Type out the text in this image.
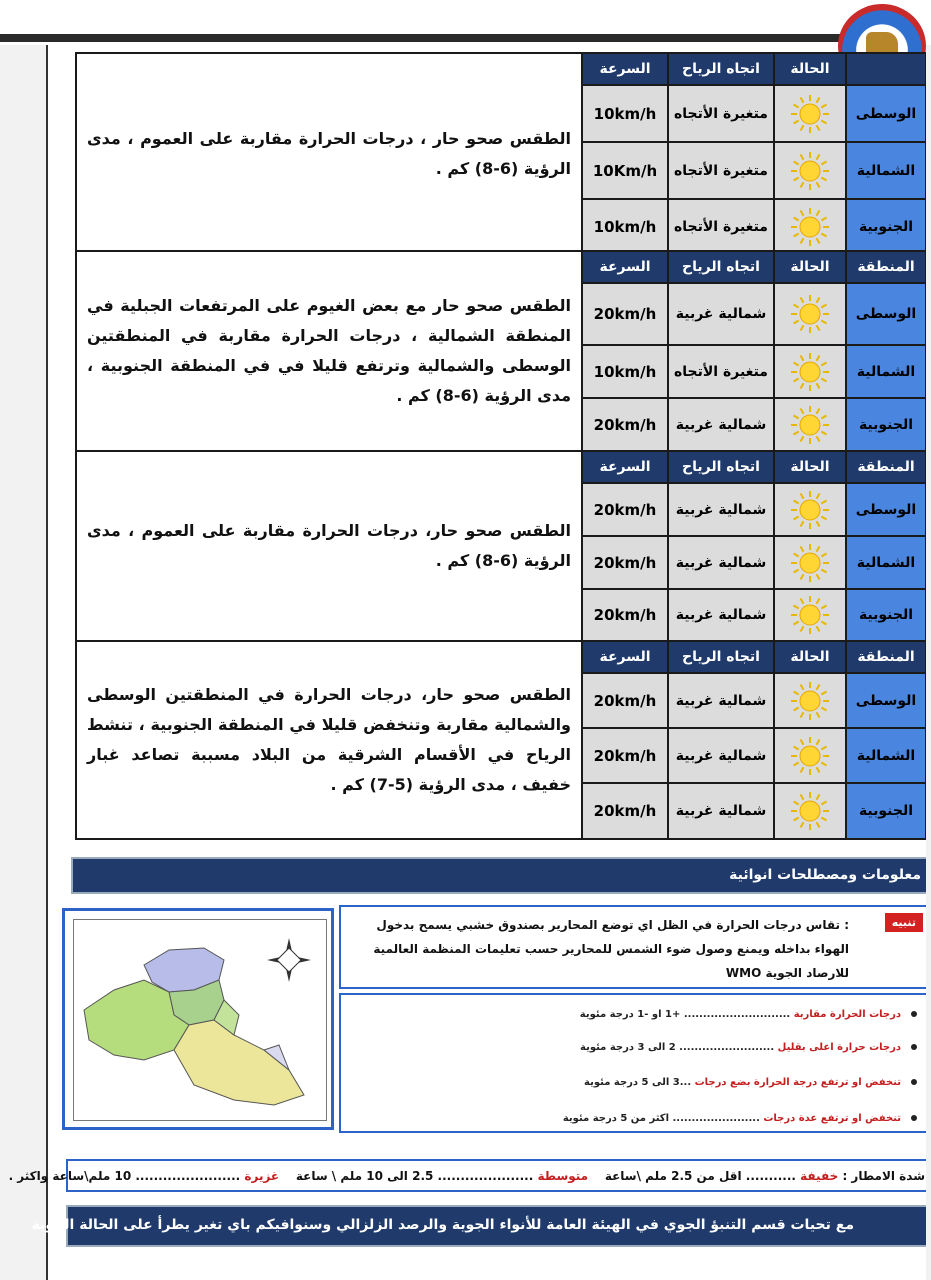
الطقس صحو حار ، درجات الحرارة مقاربة على العموم ، مدى الرؤية (6-8) كم .	السرعة	اتجاه الرياح	الحالة	
	10km/h	متغيرة الأتجاه		الوسطى
	10Km/h	متغيرة الأتجاه		الشمالية
	10km/h	متغيرة الأتجاه		الجنوبية
الطقس صحو حار مع بعض الغيوم على المرتفعات الجبلية في المنطقة الشمالية ، درجات الحرارة مقاربة في المنطقتين الوسطى والشمالية وترتفع قليلا في في المنطقة الجنوبية ، مدى الرؤية (6-8) كم .	السرعة	اتجاه الرياح	الحالة	المنطقة
	20km/h	شمالية غربية		الوسطى
	10km/h	متغيرة الأتجاه		الشمالية
	20km/h	شمالية غربية		الجنوبية
الطقس صحو حار، درجات الحرارة مقاربة على العموم ، مدى الرؤية (6-8) كم .	السرعة	اتجاه الرياح	الحالة	المنطقة
	20km/h	شمالية غربية		الوسطى
	20km/h	شمالية غربية		الشمالية
	20km/h	شمالية غربية		الجنوبية
الطقس صحو حار، درجات الحرارة في المنطقتين الوسطى والشمالية مقاربة وتنخفض قليلا في المنطقة الجنوبية ، تنشط الرياح في الأقسام الشرقية من البلاد مسببة تصاعد غبار خفيف ، مدى الرؤية (5-7) كم .	السرعة	اتجاه الرياح	الحالة	المنطقة
	20km/h	شمالية غربية		الوسطى
	20km/h	شمالية غربية		الشمالية
	20km/h	شمالية غربية		الجنوبية
معلومات ومصطلحات انوائية
تنبيه
: تقاس درجات الحرارة في الظل اي توضع المحارير بصندوق خشبي يسمح بدخول الهواء بداخله ويمنع وصول ضوء الشمس للمحارير حسب تعليمات المنظمة العالمية للارصاد الجوية WMO
درجات الحرارة مقاربة ............................ +1 او -1 درجة مئوية
درجات حرارة اعلى بقليل ......................... 2 الى 3 درجة مئوية
تنخفض او ترتفع درجة الحرارة بضع درجات ...3 الى 5 درجة مئوية
تنخفض او ترتفع عدة درجات ....................... اكثر من 5 درجة مئوية
شدة الامطار : خفيفة ........... اقل من 2.5 ملم \ساعة    متوسطة ..................... 2.5 الى 10 ملم \ ساعة    غزيرة ....................... 10 ملم\ساعة واكثر .
مع تحيات قسم التنبؤ الجوي في الهيئة العامة للأنواء الجوية والرصد الزلزالي وسنوافيكم باي تغير يطرأ على الحالة الجوية
